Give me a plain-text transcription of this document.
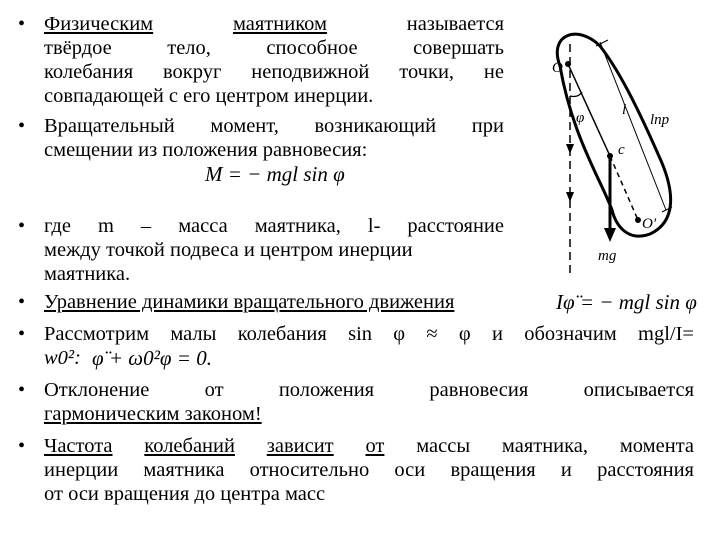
• Физическим	маятником	называется
твёрдое тело, способное совершать
колебания вокруг неподвижной точки, не
совпадающей с его центром инерции.
• Вращательный момент, возникающий при
смещении из положения равновесия:
M = − mgl sin φ
• где m – масса маятника, l- расстояние
между точкой подвеса и центром инерции
маятника.
• Уравнение динамики вращательного движения	Iφ̈ = − mgl sin φ
• Рассмотрим малы колебания sin φ ≈ φ и обозначим mgl/I=
w0²: φ̈ + ω0²φ = 0.
• Отклонение от положения равновесия описывается
гармоническим законом!
• Частота колебаний зависит от массы маятника, момента
инерции маятника относительно оси вращения и расстояния
от оси вращения до центра масс
O
l
lпр
φ
c
O'
mg
